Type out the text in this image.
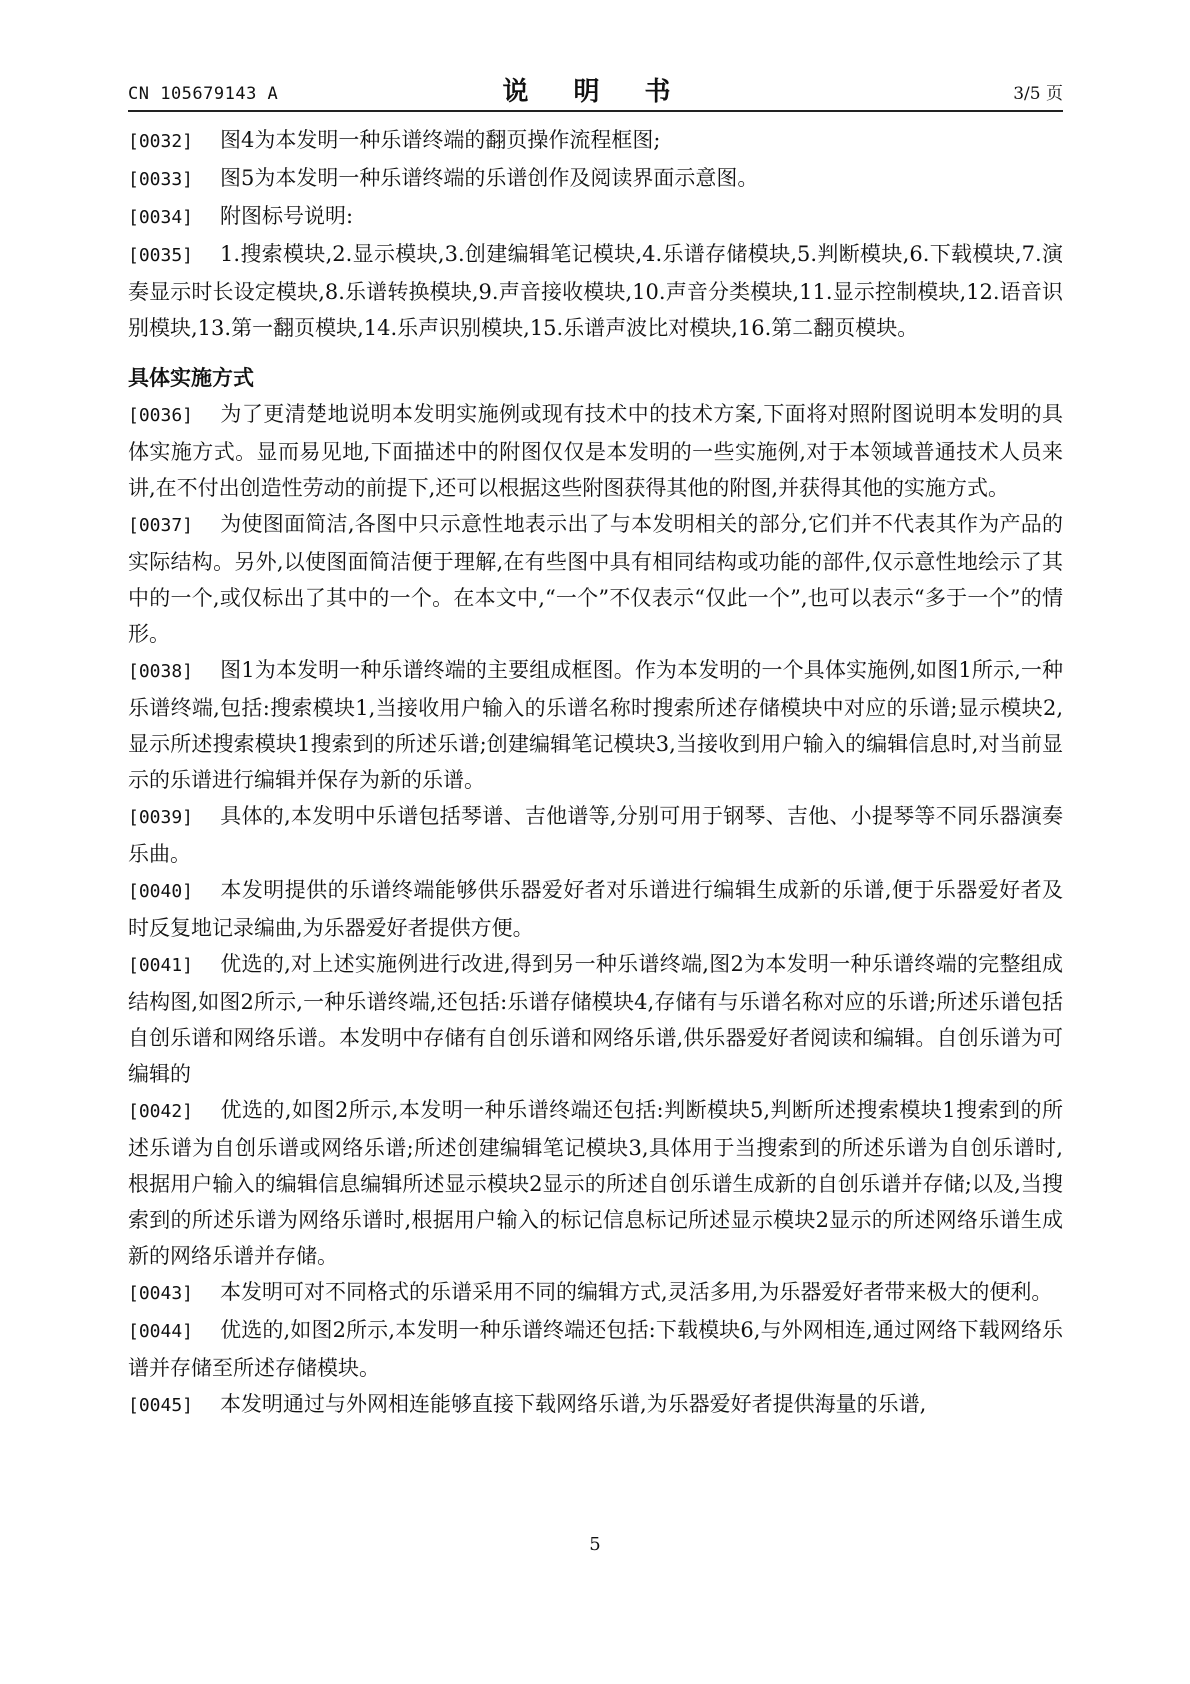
CN 105679143 A	说 明 书	3/5 页

[0032] 图4为本发明一种乐谱终端的翻页操作流程框图;

[0033] 图5为本发明一种乐谱终端的乐谱创作及阅读界面示意图。

[0034] 附图标号说明:

[0035] 1.搜索模块,2.显示模块,3.创建编辑笔记模块,4.乐谱存储模块,5.判断模块,6.下载模块,7.演奏显示时长设定模块,8.乐谱转换模块,9.声音接收模块,10.声音分类模块,11.显示控制模块,12.语音识别模块,13.第一翻页模块,14.乐声识别模块,15.乐谱声波比对模块,16.第二翻页模块。

具体实施方式

[0036] 为了更清楚地说明本发明实施例或现有技术中的技术方案,下面将对照附图说明本发明的具体实施方式。显而易见地,下面描述中的附图仅仅是本发明的一些实施例,对于本领域普通技术人员来讲,在不付出创造性劳动的前提下,还可以根据这些附图获得其他的附图,并获得其他的实施方式。

[0037] 为使图面简洁,各图中只示意性地表示出了与本发明相关的部分,它们并不代表其作为产品的实际结构。另外,以使图面简洁便于理解,在有些图中具有相同结构或功能的部件,仅示意性地绘示了其中的一个,或仅标出了其中的一个。在本文中,“一个”不仅表示“仅此一个”,也可以表示“多于一个”的情形。

[0038] 图1为本发明一种乐谱终端的主要组成框图。作为本发明的一个具体实施例,如图1所示,一种乐谱终端,包括:搜索模块1,当接收用户输入的乐谱名称时搜索所述存储模块中对应的乐谱;显示模块2,显示所述搜索模块1搜索到的所述乐谱;创建编辑笔记模块3,当接收到用户输入的编辑信息时,对当前显示的乐谱进行编辑并保存为新的乐谱。

[0039] 具体的,本发明中乐谱包括琴谱、吉他谱等,分别可用于钢琴、吉他、小提琴等不同乐器演奏乐曲。

[0040] 本发明提供的乐谱终端能够供乐器爱好者对乐谱进行编辑生成新的乐谱,便于乐器爱好者及时反复地记录编曲,为乐器爱好者提供方便。

[0041] 优选的,对上述实施例进行改进,得到另一种乐谱终端,图2为本发明一种乐谱终端的完整组成结构图,如图2所示,一种乐谱终端,还包括:乐谱存储模块4,存储有与乐谱名称对应的乐谱;所述乐谱包括自创乐谱和网络乐谱。本发明中存储有自创乐谱和网络乐谱,供乐器爱好者阅读和编辑。自创乐谱为可编辑的

[0042] 优选的,如图2所示,本发明一种乐谱终端还包括:判断模块5,判断所述搜索模块1搜索到的所述乐谱为自创乐谱或网络乐谱;所述创建编辑笔记模块3,具体用于当搜索到的所述乐谱为自创乐谱时,根据用户输入的编辑信息编辑所述显示模块2显示的所述自创乐谱生成新的自创乐谱并存储;以及,当搜索到的所述乐谱为网络乐谱时,根据用户输入的标记信息标记所述显示模块2显示的所述网络乐谱生成新的网络乐谱并存储。

[0043] 本发明可对不同格式的乐谱采用不同的编辑方式,灵活多用,为乐器爱好者带来极大的便利。

[0044] 优选的,如图2所示,本发明一种乐谱终端还包括:下载模块6,与外网相连,通过网络下载网络乐谱并存储至所述存储模块。

[0045] 本发明通过与外网相连能够直接下载网络乐谱,为乐器爱好者提供海量的乐谱,

5
